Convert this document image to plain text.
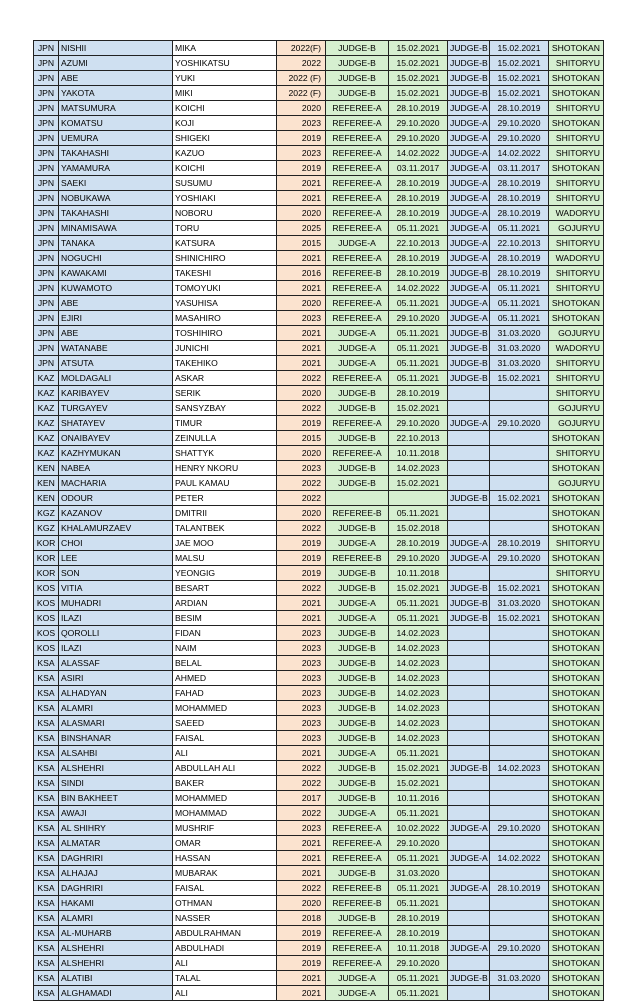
JPN	NISHII	MIKA	2022(F)	JUDGE-B	15.02.2021	JUDGE-B	15.02.2021	SHOTOKAN
JPN	AZUMI	YOSHIKATSU	2022	JUDGE-B	15.02.2021	JUDGE-B	15.02.2021	SHITORYU
JPN	ABE	YUKI	2022 (F)	JUDGE-B	15.02.2021	JUDGE-B	15.02.2021	SHOTOKAN
JPN	YAKOTA	MIKI	2022 (F)	JUDGE-B	15.02.2021	JUDGE-B	15.02.2021	SHOTOKAN
JPN	MATSUMURA	KOICHI	2020	REFEREE-A	28.10.2019	JUDGE-A	28.10.2019	SHITORYU
JPN	KOMATSU	KOJI	2023	REFEREE-A	29.10.2020	JUDGE-A	29.10.2020	SHOTOKAN
JPN	UEMURA	SHIGEKI	2019	REFEREE-A	29.10.2020	JUDGE-A	29.10.2020	SHITORYU
JPN	TAKAHASHI	KAZUO	2023	REFEREE-A	14.02.2022	JUDGE-A	14.02.2022	SHITORYU
JPN	YAMAMURA	KOICHI	2019	REFEREE-A	03.11.2017	JUDGE-A	03.11.2017	SHOTOKAN
JPN	SAEKI	SUSUMU	2021	REFEREE-A	28.10.2019	JUDGE-A	28.10.2019	SHITORYU
JPN	NOBUKAWA	YOSHIAKI	2021	REFEREE-A	28.10.2019	JUDGE-A	28.10.2019	SHITORYU
JPN	TAKAHASHI	NOBORU	2020	REFEREE-A	28.10.2019	JUDGE-A	28.10.2019	WADORYU
JPN	MINAMISAWA	TORU	2025	REFEREE-A	05.11.2021	JUDGE-A	05.11.2021	GOJURYU
JPN	TANAKA	KATSURA	2015	JUDGE-A	22.10.2013	JUDGE-A	22.10.2013	SHITORYU
JPN	NOGUCHI	SHINICHIRO	2021	REFEREE-A	28.10.2019	JUDGE-A	28.10.2019	WADORYU
JPN	KAWAKAMI	TAKESHI	2016	REFEREE-B	28.10.2019	JUDGE-B	28.10.2019	SHITORYU
JPN	KUWAMOTO	TOMOYUKI	2021	REFEREE-A	14.02.2022	JUDGE-A	05.11.2021	SHITORYU
JPN	ABE	YASUHISA	2020	REFEREE-A	05.11.2021	JUDGE-A	05.11.2021	SHOTOKAN
JPN	EJIRI	MASAHIRO	2023	REFEREE-A	29.10.2020	JUDGE-A	05.11.2021	SHOTOKAN
JPN	ABE	TOSHIHIRO	2021	JUDGE-A	05.11.2021	JUDGE-B	31.03.2020	GOJURYU
JPN	WATANABE	JUNICHI	2021	JUDGE-A	05.11.2021	JUDGE-B	31.03.2020	WADORYU
JPN	ATSUTA	TAKEHIKO	2021	JUDGE-A	05.11.2021	JUDGE-B	31.03.2020	SHITORYU
KAZ	MOLDAGALI	ASKAR	2022	REFEREE-A	05.11.2021	JUDGE-B	15.02.2021	SHITORYU
KAZ	KARIBAYEV	SERIK	2020	JUDGE-B	28.10.2019			SHITORYU
KAZ	TURGAYEV	SANSYZBAY	2022	JUDGE-B	15.02.2021			GOJURYU
KAZ	SHATAYEV	TIMUR	2019	REFEREE-A	29.10.2020	JUDGE-A	29.10.2020	GOJURYU
KAZ	ONAIBAYEV	ZEINULLA	2015	JUDGE-B	22.10.2013			SHOTOKAN
KAZ	KAZHYMUKAN	SHATTYK	2020	REFEREE-A	10.11.2018			SHITORYU
KEN	NABEA	HENRY NKORU	2023	JUDGE-B	14.02.2023			SHOTOKAN
KEN	MACHARIA	PAUL KAMAU	2022	JUDGE-B	15.02.2021			GOJURYU
KEN	ODOUR	PETER	2022			JUDGE-B	15.02.2021	SHOTOKAN
KGZ	KAZANOV	DMITRII	2020	REFEREE-B	05.11.2021			SHOTOKAN
KGZ	KHALAMURZAEV	TALANTBEK	2022	JUDGE-B	15.02.2018			SHOTOKAN
KOR	CHOI	JAE MOO	2019	JUDGE-A	28.10.2019	JUDGE-A	28.10.2019	SHITORYU
KOR	LEE	MALSU	2019	REFEREE-B	29.10.2020	JUDGE-A	29.10.2020	SHOTOKAN
KOR	SON	YEONGIG	2019	JUDGE-B	10.11.2018			SHITORYU
KOS	VITIA	BESART	2022	JUDGE-B	15.02.2021	JUDGE-B	15.02.2021	SHOTOKAN
KOS	MUHADRI	ARDIAN	2021	JUDGE-A	05.11.2021	JUDGE-B	31.03.2020	SHOTOKAN
KOS	ILAZI	BESIM	2021	JUDGE-A	05.11.2021	JUDGE-B	15.02.2021	SHOTOKAN
KOS	QOROLLI	FIDAN	2023	JUDGE-B	14.02.2023			SHOTOKAN
KOS	ILAZI	NAIM	2023	JUDGE-B	14.02.2023			SHOTOKAN
KSA	ALASSAF	BELAL	2023	JUDGE-B	14.02.2023			SHOTOKAN
KSA	ASIRI	AHMED	2023	JUDGE-B	14.02.2023			SHOTOKAN
KSA	ALHADYAN	FAHAD	2023	JUDGE-B	14.02.2023			SHOTOKAN
KSA	ALAMRI	MOHAMMED	2023	JUDGE-B	14.02.2023			SHOTOKAN
KSA	ALASMARI	SAEED	2023	JUDGE-B	14.02.2023			SHOTOKAN
KSA	BINSHANAR	FAISAL	2023	JUDGE-B	14.02.2023			SHOTOKAN
KSA	ALSAHBI	ALI	2021	JUDGE-A	05.11.2021			SHOTOKAN
KSA	ALSHEHRI	ABDULLAH ALI	2022	JUDGE-B	15.02.2021	JUDGE-B	14.02.2023	SHOTOKAN
KSA	SINDI	BAKER	2022	JUDGE-B	15.02.2021			SHOTOKAN
KSA	BIN BAKHEET	MOHAMMED	2017	JUDGE-B	10.11.2016			SHOTOKAN
KSA	AWAJI	MOHAMMAD	2022	JUDGE-A	05.11.2021			SHOTOKAN
KSA	AL SHIHRY	MUSHRIF	2023	REFEREE-A	10.02.2022	JUDGE-A	29.10.2020	SHOTOKAN
KSA	ALMATAR	OMAR	2021	REFEREE-A	29.10.2020			SHOTOKAN
KSA	DAGHRIRI	HASSAN	2021	REFEREE-A	05.11.2021	JUDGE-A	14.02.2022	SHOTOKAN
KSA	ALHAJAJ	MUBARAK	2021	JUDGE-B	31.03.2020			SHOTOKAN
KSA	DAGHRIRI	FAISAL	2022	REFEREE-B	05.11.2021	JUDGE-A	28.10.2019	SHOTOKAN
KSA	HAKAMI	OTHMAN	2020	REFEREE-B	05.11.2021			SHOTOKAN
KSA	ALAMRI	NASSER	2018	JUDGE-B	28.10.2019			SHOTOKAN
KSA	AL-MUHARB	ABDULRAHMAN	2019	REFEREE-A	28.10.2019			SHOTOKAN
KSA	ALSHEHRI	ABDULHADI	2019	REFEREE-A	10.11.2018	JUDGE-A	29.10.2020	SHOTOKAN
KSA	ALSHEHRI	ALI	2019	REFEREE-A	29.10.2020			SHOTOKAN
KSA	ALATIBI	TALAL	2021	JUDGE-A	05.11.2021	JUDGE-B	31.03.2020	SHOTOKAN
KSA	ALGHAMADI	ALI	2021	JUDGE-A	05.11.2021			SHOTOKAN
